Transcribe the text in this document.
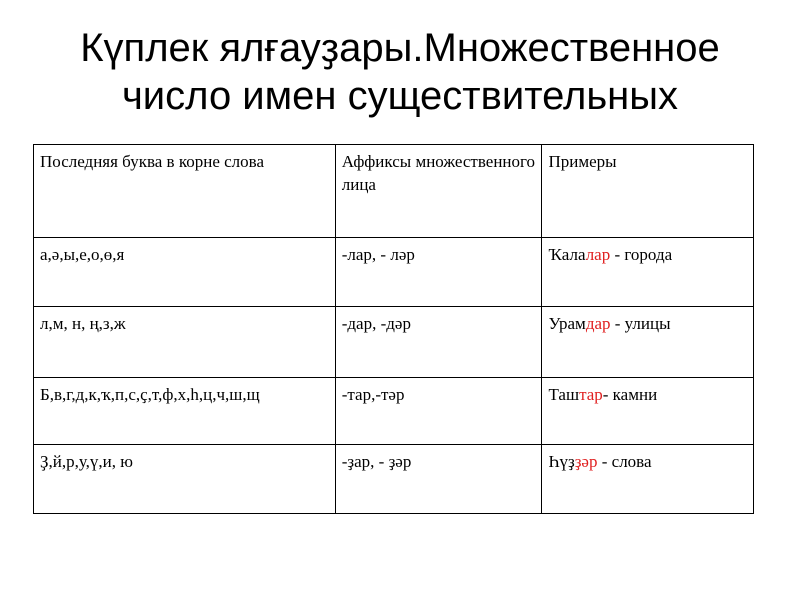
Күплек ялғауҙары.Множественное
число имен существительных
Последняя буква в корне слова	Аффиксы множественного лица	Примеры
а,ә,ы,е,о,ө,я	-лар, - ләр	Ҡалалар - города
л,м, н, ң,з,ж	-дар, -дәр	Урамдар - улицы
Б,в,г,д,к,ҡ,п,с,ҫ,т,ф,х,һ,ц,ч,ш,щ	-тар,-тәр	Таштар- камни
Ҙ,й,р,у,ү,и, ю	-ҙар, - ҙәр	Һүҙҙәр - слова
